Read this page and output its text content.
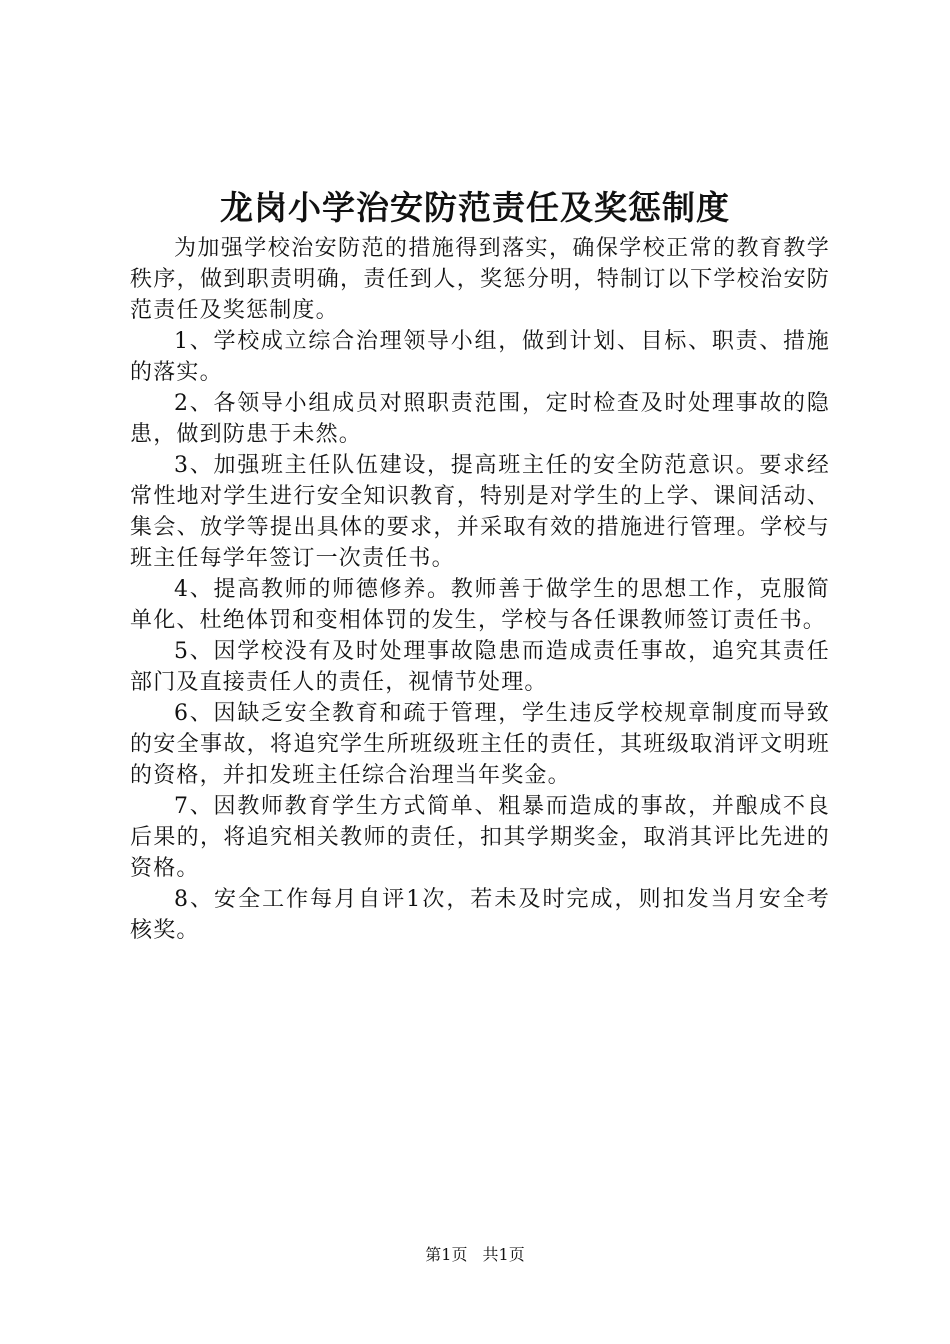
龙岗小学治安防范责任及奖惩制度

为加强学校治安防范的措施得到落实，确保学校正常的教育教学秩序，做到职责明确，责任到人，奖惩分明，特制订以下学校治安防范责任及奖惩制度。

1、学校成立综合治理领导小组，做到计划、目标、职责、措施的落实。

2、各领导小组成员对照职责范围，定时检查及时处理事故的隐患，做到防患于未然。

3、加强班主任队伍建设，提高班主任的安全防范意识。要求经常性地对学生进行安全知识教育，特别是对学生的上学、课间活动、集会、放学等提出具体的要求，并采取有效的措施进行管理。学校与班主任每学年签订一次责任书。

4、提高教师的师德修养。教师善于做学生的思想工作，克服简单化、杜绝体罚和变相体罚的发生，学校与各任课教师签订责任书。

5、因学校没有及时处理事故隐患而造成责任事故，追究其责任部门及直接责任人的责任，视情节处理。

6、因缺乏安全教育和疏于管理，学生违反学校规章制度而导致的安全事故，将追究学生所班级班主任的责任，其班级取消评文明班的资格，并扣发班主任综合治理当年奖金。

7、因教师教育学生方式简单、粗暴而造成的事故，并酿成不良后果的，将追究相关教师的责任，扣其学期奖金，取消其评比先进的资格。

8、安全工作每月自评1次，若未及时完成，则扣发当月安全考核奖。

第1页 共1页
